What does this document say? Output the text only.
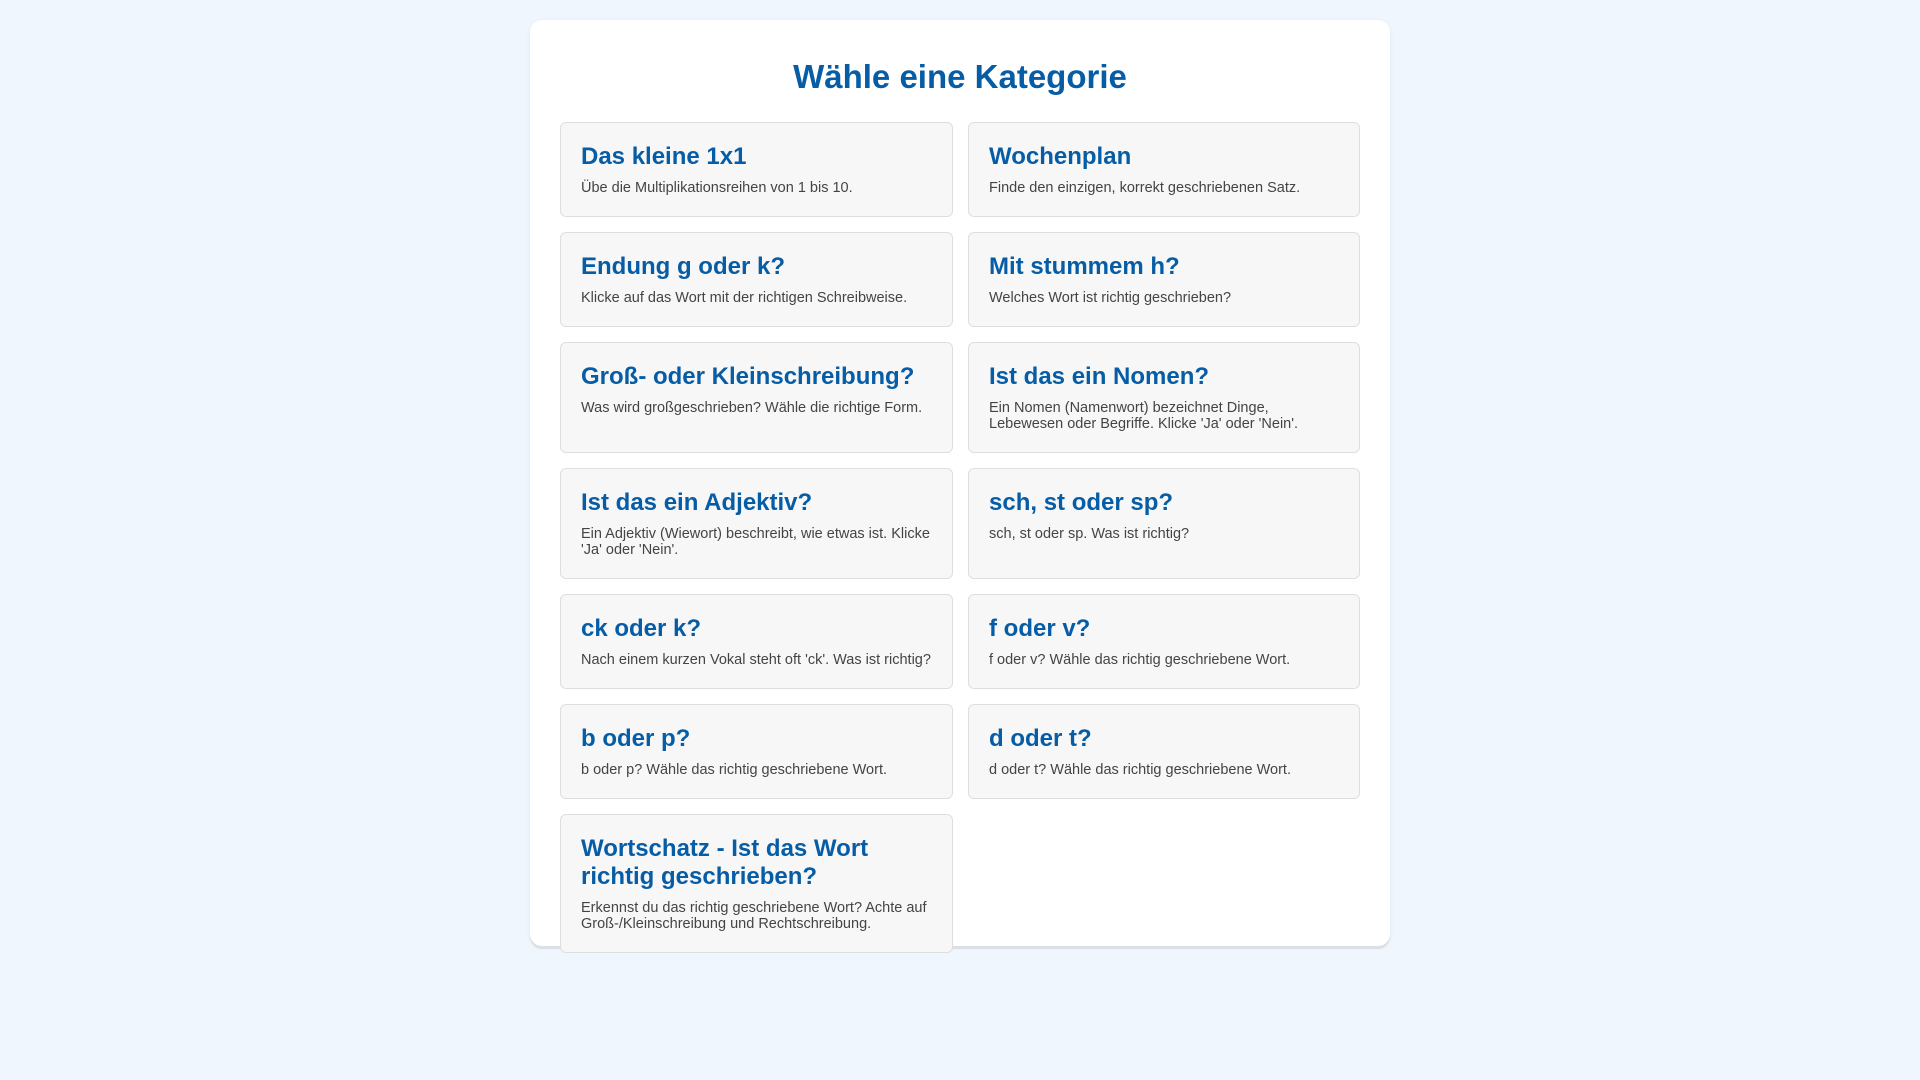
Wähle eine Kategorie
Das kleine 1x1

Übe die Multiplikationsreihen von 1 bis 10.

Wochenplan

Finde den einzigen, korrekt geschriebenen Satz.

Endung g oder k?

Klicke auf das Wort mit der richtigen Schreibweise.

Mit stummem h?

Welches Wort ist richtig geschrieben?

Groß- oder Kleinschreibung?

Was wird großgeschrieben? Wähle die richtige Form.

Ist das ein Nomen?

Ein Nomen (Namenwort) bezeichnet Dinge, Lebewesen oder Begriffe. Klicke 'Ja' oder 'Nein'.

Ist das ein Adjektiv?

Ein Adjektiv (Wiewort) beschreibt, wie etwas ist. Klicke 'Ja' oder 'Nein'.

sch, st oder sp?

sch, st oder sp. Was ist richtig?

ck oder k?

Nach einem kurzen Vokal steht oft 'ck'. Was ist richtig?

f oder v?

f oder v? Wähle das richtig geschriebene Wort.

b oder p?

b oder p? Wähle das richtig geschriebene Wort.

d oder t?

d oder t? Wähle das richtig geschriebene Wort.

Wortschatz - Ist das Wort richtig geschrieben?

Erkennst du das richtig geschriebene Wort? Achte auf Groß-/Kleinschreibung und Rechtschreibung.
